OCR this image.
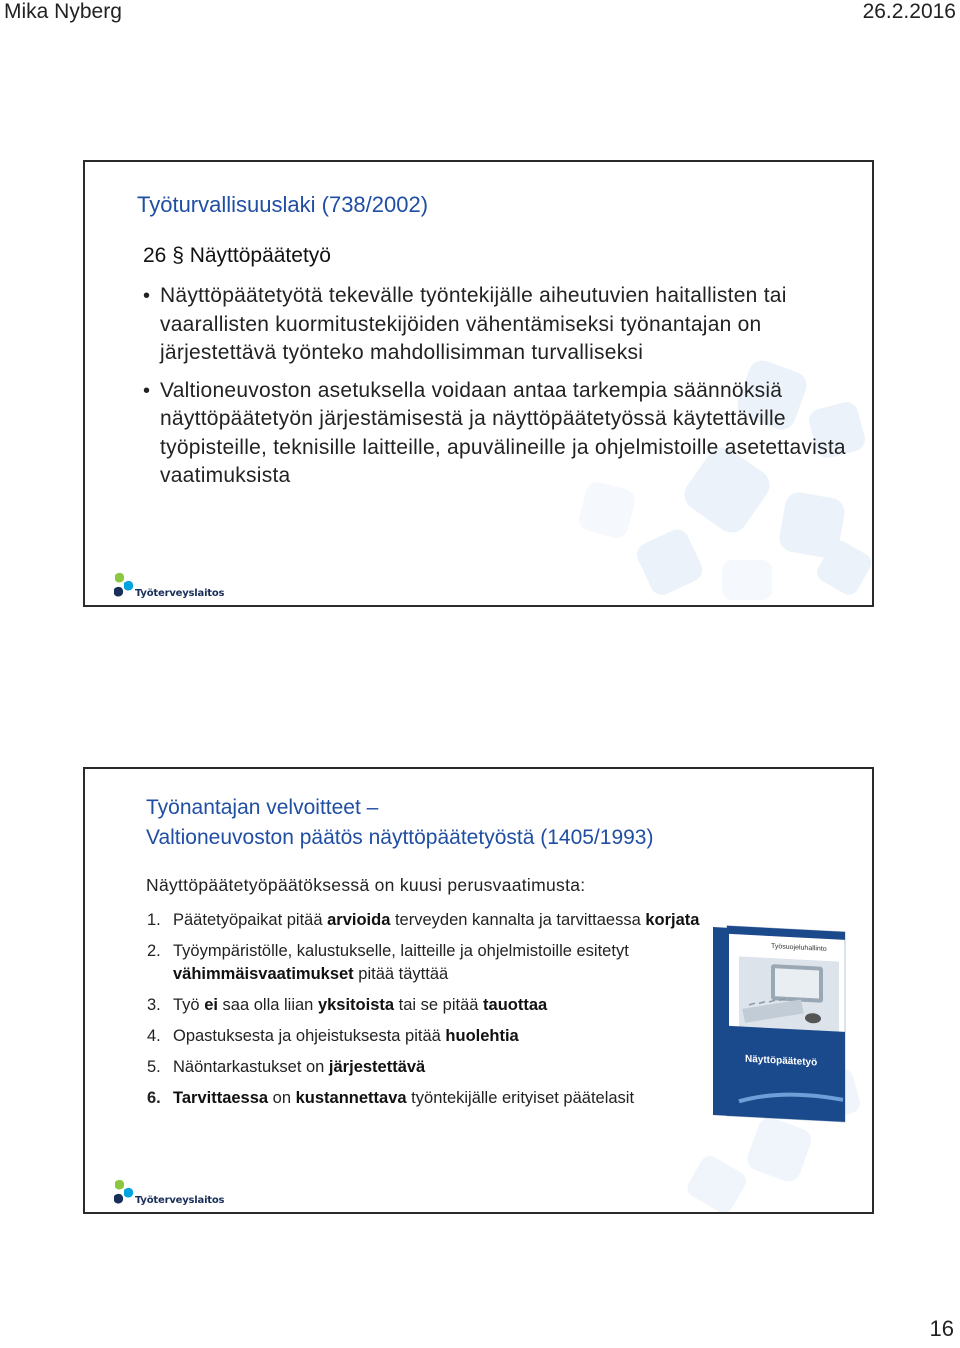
Mika Nyberg	26.2.2016
Työturvallisuuslaki (738/2002)
26 § Näyttöpäätetyö
• Näyttöpäätetyötä tekevälle työntekijälle aiheutuvien haitallisten tai vaarallisten kuormitustekijöiden vähentämiseksi työnantajan on järjestettävä työnteko mahdollisimman turvalliseksi
• Valtioneuvoston asetuksella voidaan antaa tarkempia säännöksiä näyttöpäätetyön järjestämisestä ja näyttöpäätetyössä käytettäville työpisteille, teknisille laitteille, apuvälineille ja ohjelmistoille asetettavista vaatimuksista
Työterveyslaitos
Työnantajan velvoitteet –
Valtioneuvoston päätös näyttöpäätetyöstä (1405/1993)
Näyttöpäätetyöpäätöksessä on kuusi perusvaatimusta:
1. Päätetyöpaikat pitää arvioida terveyden kannalta ja tarvittaessa korjata
2. Työympäristölle, kalustukselle, laitteille ja ohjelmistoille esitetyt vähimmäisvaatimukset pitää täyttää
3. Työ ei saa olla liian yksitoista tai se pitää tauottaa
4. Opastuksesta ja ohjeistuksesta pitää huolehtia
5. Näöntarkastukset on järjestettävä
6. Tarvittaessa on kustannettava työntekijälle erityiset päätelasit
Työsuojeluhallinto
Näyttöpäätetyö
Työterveyslaitos
16
